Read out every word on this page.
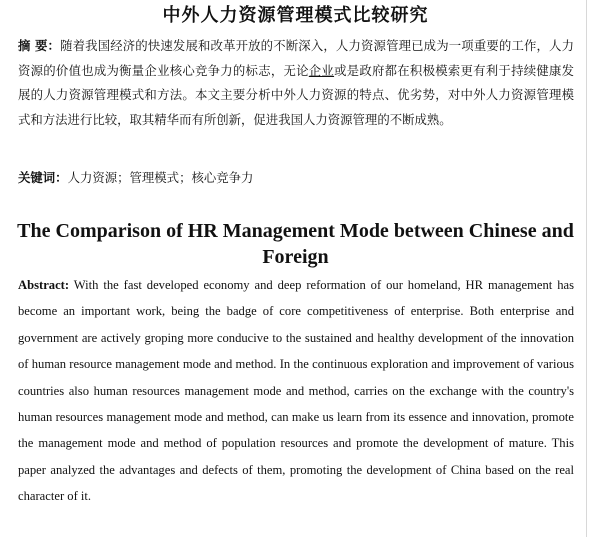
中外人力资源管理模式比较研究
摘 要：随着我国经济的快速发展和改革开放的不断深入，人力资源管理已成为一项重要的工作，人力资源的价值也成为衡量企业核心竞争力的标志，无论企业或是政府都在积极模索更有利于持续健康发展的人力资源管理模式和方法。本文主要分析中外人力资源的特点、优劣势，对中外人力资源管理模式和方法进行比较，取其精华而有所创新，促进我国人力资源管理的不断成熟。
关键词：人力资源；管理模式；核心竞争力
The Comparison of HR Management Mode between Chinese and Foreign
Abstract: With the fast developed economy and deep reformation of our homeland, HR management has become an important work, being the badge of core competitiveness of enterprise. Both enterprise and government are actively groping more conducive to the sustained and healthy development of the innovation of human resource management mode and method. In the continuous exploration and improvement of various countries also human resources management mode and method, carries on the exchange with the country's human resources management mode and method, can make us learn from its essence and innovation, promote the management mode and method of population resources and promote the development of mature. This paper analyzed the advantages and defects of them, promoting the development of China based on the real character of it.
